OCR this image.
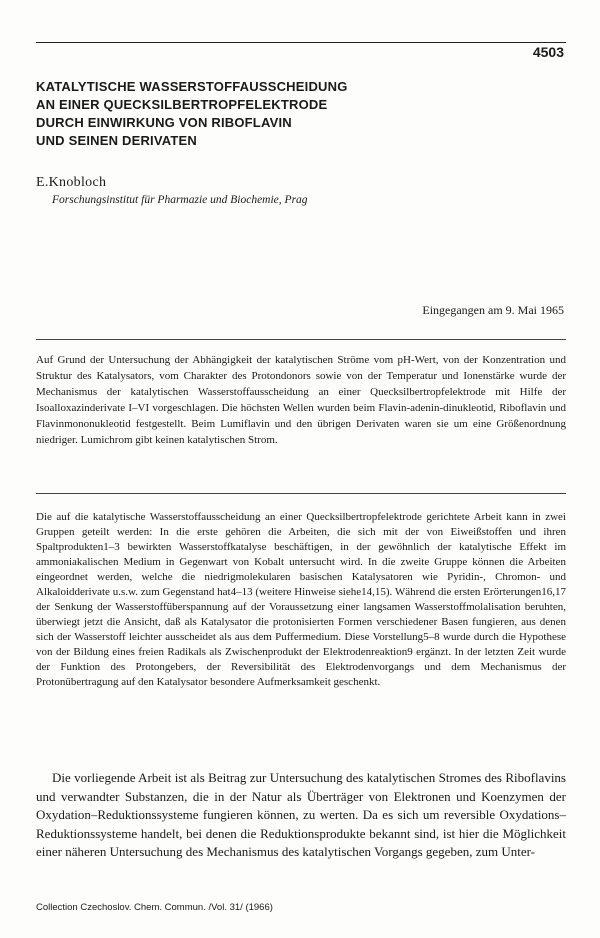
4503
KATALYTISCHE WASSERSTOFFAUSSCHEIDUNG
AN EINER QUECKSILBERTROPFELEKTRODE
DURCH EINWIRKUNG VON RIBOFLAVIN
UND SEINEN DERIVATEN
E.Knobloch
Forschungsinstitut für Pharmazie und Biochemie, Prag
Eingegangen am 9. Mai 1965

Auf Grund der Untersuchung der Abhängigkeit der katalytischen Ströme vom pH-Wert, von der Konzentration und Struktur des Katalysators, vom Charakter des Protondonors sowie von der Temperatur und Ionenstärke wurde der Mechanismus der katalytischen Wasserstoffausscheidung an einer Quecksilbertropfelektrode mit Hilfe der Isoalloxazinderivate I–VI vorgeschlagen. Die höchsten Wellen wurden beim Flavin-adenin-dinukleotid, Riboflavin und Flavinmononukleotid festgestellt. Beim Lumiflavin und den übrigen Derivaten waren sie um eine Größenordnung niedriger. Lumichrom gibt keinen katalytischen Strom.

Die auf die katalytische Wasserstoffausscheidung an einer Quecksilbertropfelektrode gerichtete Arbeit kann in zwei Gruppen geteilt werden: In die erste gehören die Arbeiten, die sich mit der von Eiweißstoffen und ihren Spaltprodukten1–3 bewirkten Wasserstoffkatalyse beschäftigen, in der gewöhnlich der katalytische Effekt im ammoniakalischen Medium in Gegenwart von Kobalt untersucht wird. In die zweite Gruppe können die Arbeiten eingeordnet werden, welche die niedrigmolekularen basischen Katalysatoren wie Pyridin-, Chromon- und Alkaloidderivate u.s.w. zum Gegenstand hat4–13 (weitere Hinweise siehe14,15). Während die ersten Erörterungen16,17 der Senkung der Wasserstoffüberspannung auf der Voraussetzung einer langsamen Wasserstoffmolalisation beruhten, überwiegt jetzt die Ansicht, daß als Katalysator die protonisierten Formen verschiedener Basen fungieren, aus denen sich der Wasserstoff leichter ausscheidet als aus dem Puffermedium. Diese Vorstellung5–8 wurde durch die Hypothese von der Bildung eines freien Radikals als Zwischenprodukt der Elektrodenreaktion9 ergänzt. In der letzten Zeit wurde der Funktion des Protongebers, der Reversibilität des Elektrodenvorgangs und dem Mechanismus der Protonübertragung auf den Katalysator besondere Aufmerksamkeit geschenkt.

Die vorliegende Arbeit ist als Beitrag zur Untersuchung des katalytischen Stromes des Riboflavins und verwandter Substanzen, die in der Natur als Überträger von Elektronen und Koenzymen der Oxydation–Reduktionssysteme fungieren können, zu werten. Da es sich um reversible Oxydations–Reduktionssysteme handelt, bei denen die Reduktionsprodukte bekannt sind, ist hier die Möglichkeit einer näheren Untersuchung des Mechanismus des katalytischen Vorgangs gegeben, zum Unter-

Collection Czechoslov. Chem. Commun. /Vol. 31/ (1966)
